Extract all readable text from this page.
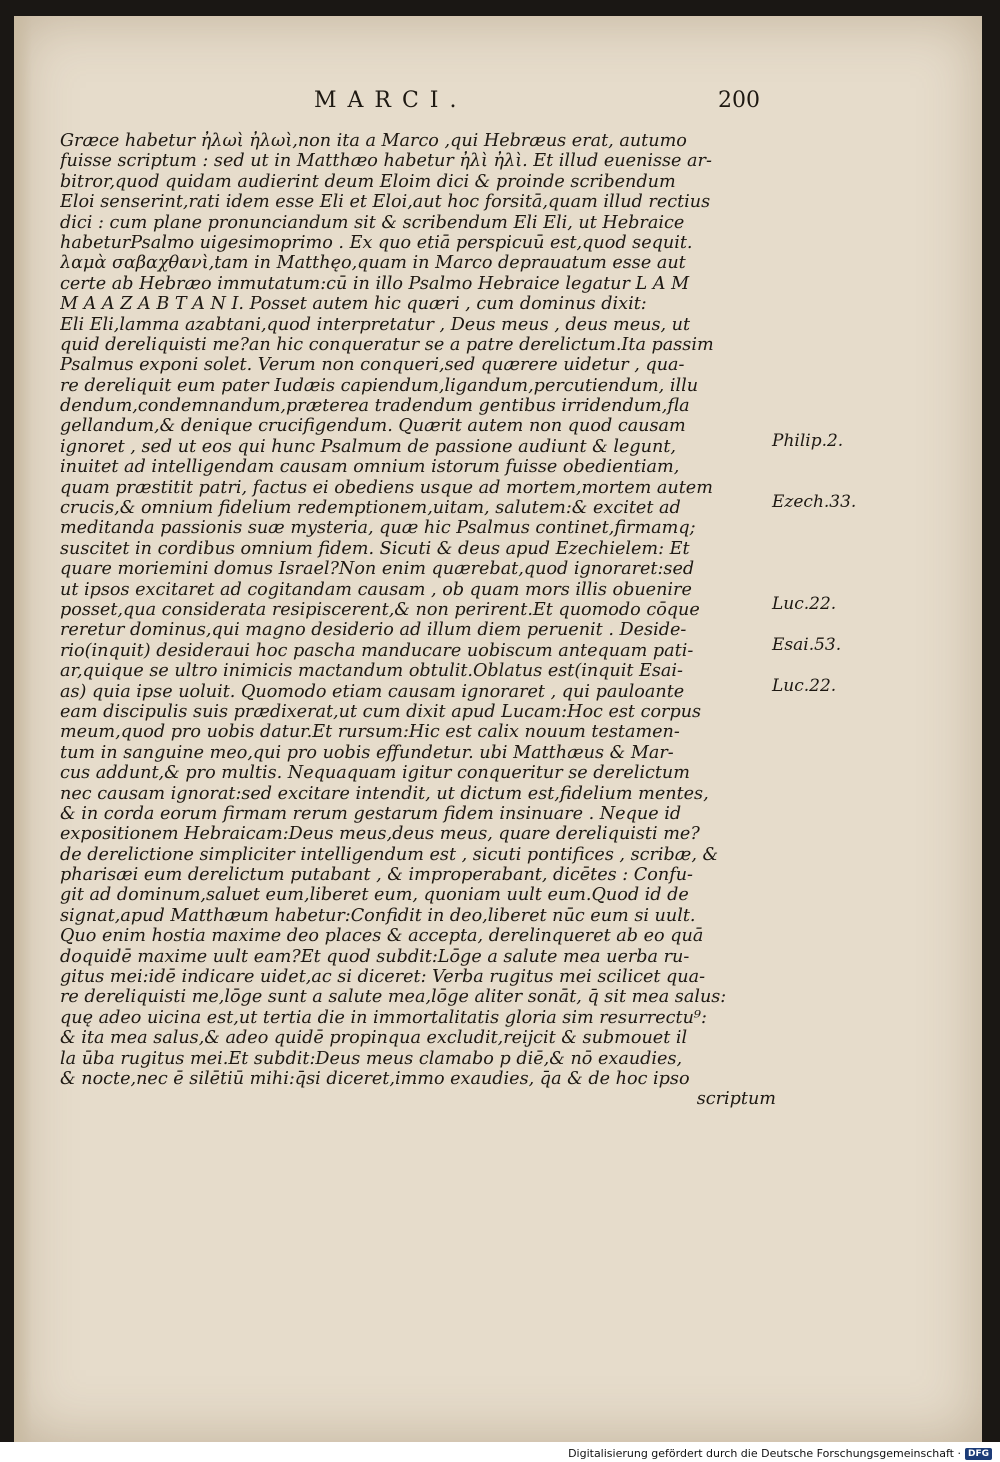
MARCI.	200
Græce habetur ἠλωὶ ἠλωὶ,non ita a Marco ,qui Hebræus erat, autumo
fuisse scriptum : sed ut in Matthæo habetur ἠλὶ ἠλὶ. Et illud euenisse ar-
bitror,quod quidam audierint deum Eloim dici & proinde scribendum
Eloi senserint,rati idem esse Eli et Eloi,aut hoc forsitā,quam illud rectius
dici : cum plane pronunciandum sit & scribendum Eli Eli, ut Hebraice
habeturPsalmo uigesimoprimo . Ex quo etiā perspicuū est,quod sequit.
λαμὰ σαβαχθανὶ,tam in Matthęo,quam in Marco deprauatum esse aut
certe ab Hebræo immutatum:cū in illo Psalmo Hebraice legatur L A M
M A A Z A B T A N I. Posset autem hic quæri , cum dominus dixit:
Eli Eli,lamma azabtani,quod interpretatur , Deus meus , deus meus, ut
quid dereliquisti me?an hic conqueratur se a patre derelictum.Ita passim
Psalmus exponi solet. Verum non conqueri,sed quærere uidetur , qua-
re dereliquit eum pater Iudæis capiendum,ligandum,percutiendum, illu
dendum,condemnandum,præterea tradendum gentibus irridendum,fla
gellandum,& denique crucifigendum. Quærit autem non quod causam
ignoret , sed ut eos qui hunc Psalmum de passione audiunt & legunt,
inuitet ad intelligendam causam omnium istorum fuisse obedientiam,
quam præstitit patri, factus ei obediens usque ad mortem,mortem autem
crucis,& omnium fidelium redemptionem,uitam, salutem:& excitet ad
meditanda passionis suæ mysteria, quæ hic Psalmus continet,firmamq;
suscitet in cordibus omnium fidem. Sicuti & deus apud Ezechielem: Et
quare moriemini domus Israel?Non enim quærebat,quod ignoraret:sed
ut ipsos excitaret ad cogitandam causam , ob quam mors illis obuenire
posset,qua considerata resipiscerent,& non perirent.Et quomodo cōque
reretur dominus,qui magno desiderio ad illum diem peruenit . Deside-
rio(inquit) desideraui hoc pascha manducare uobiscum antequam pati-
ar,quique se ultro inimicis mactandum obtulit.Oblatus est(inquit Esai-
as) quia ipse uoluit. Quomodo etiam causam ignoraret , qui pauloante
eam discipulis suis prædixerat,ut cum dixit apud Lucam:Hoc est corpus
meum,quod pro uobis datur.Et rursum:Hic est calix nouum testamen-
tum in sanguine meo,qui pro uobis effundetur. ubi Matthæus & Mar-
cus addunt,& pro multis. Nequaquam igitur conqueritur se derelictum
nec causam ignorat:sed excitare intendit, ut dictum est,fidelium mentes,
& in corda eorum firmam rerum gestarum fidem insinuare . Neque id
expositionem Hebraicam:Deus meus,deus meus, quare dereliquisti me?
de derelictione simpliciter intelligendum est , sicuti pontifices , scribæ, &
pharisæi eum derelictum putabant , & improperabant, dicētes : Confu-
git ad dominum,saluet eum,liberet eum, quoniam uult eum.Quod id de
signat,apud Matthæum habetur:Confidit in deo,liberet nūc eum si uult.
Quo enim hostia maxime deo places & accepta, derelinqueret ab eo quā
doquidē maxime uult eam?Et quod subdit:Lōge a salute mea uerba ru-
gitus mei:idē indicare uidet,ac si diceret: Verba rugitus mei scilicet qua-
re dereliquisti me,lōge sunt a salute mea,lōge aliter sonāt, q̄ sit mea salus:
quę adeo uicina est,ut tertia die in immortalitatis gloria sim resurrectu⁹:
& ita mea salus,& adeo quidē propinqua excludit,reijcit & submouet il
la ūba rugitus mei.Et subdit:Deus meus clamabo p diē,& nō exaudies,
& nocte,nec ē silētiū mihi:q̄si diceret,immo exaudies, q̄a & de hoc ipso
scriptum
Philip.2.
Ezech.33.
Luc.22.
Esai.53.
Luc.22.
Digitalisierung gefördert durch die Deutsche Forschungsgemeinschaft · DFG
